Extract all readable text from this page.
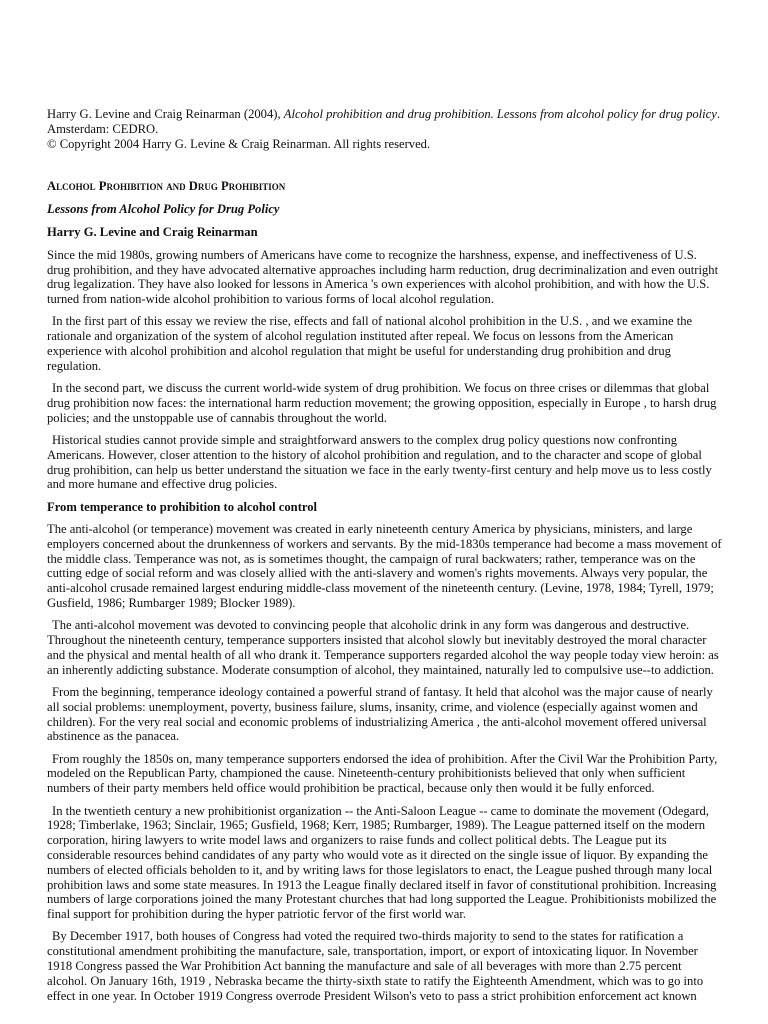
Harry G. Levine and Craig Reinarman (2004), Alcohol prohibition and drug prohibition. Lessons from alcohol policy for drug policy. Amsterdam: CEDRO.

© Copyright 2004 Harry G. Levine & Craig Reinarman. All rights reserved.

Alcohol Prohibition and Drug Prohibition

Lessons from Alcohol Policy for Drug Policy

Harry G. Levine and Craig Reinarman

Since the mid 1980s, growing numbers of Americans have come to recognize the harshness, expense, and ineffectiveness of U.S. drug prohibition, and they have advocated alternative approaches including harm reduction, drug decriminalization and even outright drug legalization. They have also looked for lessons in America 's own experiences with alcohol prohibition, and with how the U.S. turned from nation-wide alcohol prohibition to various forms of local alcohol regulation.

In the first part of this essay we review the rise, effects and fall of national alcohol prohibition in the U.S. , and we examine the rationale and organization of the system of alcohol regulation instituted after repeal. We focus on lessons from the American experience with alcohol prohibition and alcohol regulation that might be useful for understanding drug prohibition and drug regulation.

In the second part, we discuss the current world-wide system of drug prohibition. We focus on three crises or dilemmas that global drug prohibition now faces: the international harm reduction movement; the growing opposition, especially in Europe , to harsh drug policies; and the unstoppable use of cannabis throughout the world.

Historical studies cannot provide simple and straightforward answers to the complex drug policy questions now confronting Americans. However, closer attention to the history of alcohol prohibition and regulation, and to the character and scope of global drug prohibition, can help us better understand the situation we face in the early twenty-first century and help move us to less costly and more humane and effective drug policies.

From temperance to prohibition to alcohol control

The anti-alcohol (or temperance) movement was created in early nineteenth century America by physicians, ministers, and large employers concerned about the drunkenness of workers and servants. By the mid-1830s temperance had become a mass movement of the middle class. Temperance was not, as is sometimes thought, the campaign of rural backwaters; rather, temperance was on the cutting edge of social reform and was closely allied with the anti-slavery and women's rights movements. Always very popular, the anti-alcohol crusade remained largest enduring middle-class movement of the nineteenth century. (Levine, 1978, 1984; Tyrell, 1979; Gusfield, 1986; Rumbarger 1989; Blocker 1989).

The anti-alcohol movement was devoted to convincing people that alcoholic drink in any form was dangerous and destructive. Throughout the nineteenth century, temperance supporters insisted that alcohol slowly but inevitably destroyed the moral character and the physical and mental health of all who drank it. Temperance supporters regarded alcohol the way people today view heroin: as an inherently addicting substance. Moderate consumption of alcohol, they maintained, naturally led to compulsive use--to addiction.

From the beginning, temperance ideology contained a powerful strand of fantasy. It held that alcohol was the major cause of nearly all social problems: unemployment, poverty, business failure, slums, insanity, crime, and violence (especially against women and children). For the very real social and economic problems of industrializing America , the anti-alcohol movement offered universal abstinence as the panacea.

From roughly the 1850s on, many temperance supporters endorsed the idea of prohibition. After the Civil War the Prohibition Party, modeled on the Republican Party, championed the cause. Nineteenth-century prohibitionists believed that only when sufficient numbers of their party members held office would prohibition be practical, because only then would it be fully enforced.

In the twentieth century a new prohibitionist organization -- the Anti-Saloon League -- came to dominate the movement (Odegard, 1928; Timberlake, 1963; Sinclair, 1965; Gusfield, 1968; Kerr, 1985; Rumbarger, 1989). The League patterned itself on the modern corporation, hiring lawyers to write model laws and organizers to raise funds and collect political debts. The League put its considerable resources behind candidates of any party who would vote as it directed on the single issue of liquor. By expanding the numbers of elected officials beholden to it, and by writing laws for those legislators to enact, the League pushed through many local prohibition laws and some state measures. In 1913 the League finally declared itself in favor of constitutional prohibition. Increasing numbers of large corporations joined the many Protestant churches that had long supported the League. Prohibitionists mobilized the final support for prohibition during the hyper patriotic fervor of the first world war.

By December 1917, both houses of Congress had voted the required two-thirds majority to send to the states for ratification a constitutional amendment prohibiting the manufacture, sale, transportation, import, or export of intoxicating liquor. In November 1918 Congress passed the War Prohibition Act banning the manufacture and sale of all beverages with more than 2.75 percent alcohol. On January 16th, 1919 , Nebraska became the thirty-sixth state to ratify the Eighteenth Amendment, which was to go into effect in one year. In October 1919 Congress overrode President Wilson's veto to pass a strict prohibition enforcement act known
